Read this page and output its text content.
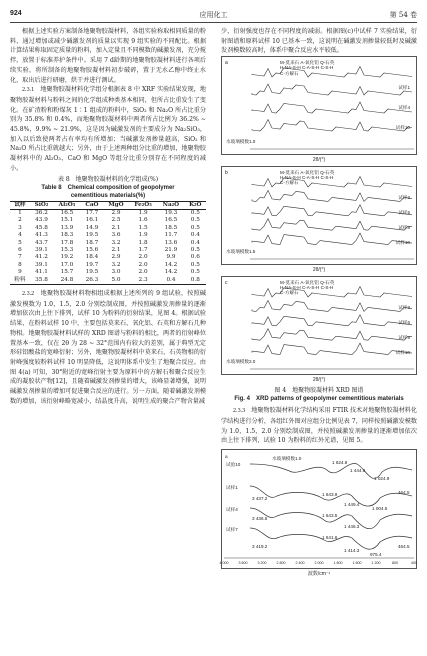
924	应用化工	第 54 卷

根据上述实验方案制备地聚物胶凝材料，各组实验称取相同质量的粉料，通过增加或减少碱激发剂的质量以实现 9 组实验的不同配比。根据计算结果称取固定质量的粉料，加入定量且不同模数的碱激发剂，充分搅拌，放置于标准养护条件中。采用 7 d龄期的地聚物胶凝材料进行各项后续实验，将所制备的地聚物胶凝材料初步破碎，置于无水乙醇中终止水化，取出后进行研磨，烘干并进行测试。

2.3.1　地聚物胶凝材料化学组分根据表 8 中 XRF 实验结果发现，地聚物胶凝材料与粉料之间的化学组成种类基本相同，但所占比重发生了变化。在矿渣粉和粉煤灰 1∶1 组成的粉料中，SiO₂ 和 Na₂O 所占比重分别为 35.8% 和 0.4%，而地聚物胶凝材料中两者所占比例为 36.2% ~ 45.8%，9.9% ~ 21.9%，这是因为碱激发剂的主要成分为 Na₂SiO₃，加入以后致使两者占有率均有所增加；当碱激发剂掺量越高，SiO₂ 和 Na₂O 所占比重就越大；另外，由于上述两种组分比重的增加，地聚物胶凝材料中的 Al₂O₃、CaO 和 MgO 等组分比重分别存在不同程度的减小。

表 8　地聚物胶凝材料的化学组成(%)
Table 8　Chemical composition of geopolymer
cementitious materials(%)
试样	SiO₂	Al₂O₃	CaO	MgO	Fe₂O₃	Na₂O	K₂O
1	36.2	16.5	17.7	2.9	1.9	19.3	0.5
2	43.9	15.1	16.1	2.5	1.6	16.5	0.5
3	45.8	13.9	14.9	2.1	1.5	18.5	0.5
4	41.3	18.3	19.5	3.6	1.9	11.7	0.4
5	43.7	17.8	18.7	3.2	1.8	13.6	0.4
6	39.1	15.3	15.6	2.1	1.7	21.9	0.5
7	41.2	19.2	18.4	2.9	2.0	9.9	0.6
8	39.1	17.0	19.7	3.2	2.0	14.2	0.5
9	41.1	15.7	19.5	3.0	2.0	14.2	0.5
粉料	35.8	24.8	26.3	5.0	2.3	0.4	0.8

2.3.2　地聚物胶凝材料物相组成根据上述所列的 9 组试验，按照碱激发模数为 1.0，1.5，2.0 分别绘制成图，并按照碱激发剂掺量的逐渐增加依次由上往下排列，试样 10 为粉料的衍射结果，见图 4。根据试验结果，在粉料试样 10 中，主要包括莫来石、氧化铝、石英和方解石几种物相。地聚物胶凝材料试样的 XRD 图谱与粉料的相比，两者的衍射峰位置基本一致，仅在 2θ 为 28 ~ 32°范围内有较大的差别，属于典型无定形硅铝酸盐的宽峰衍射；另外，地聚物胶凝材料中莫来石、石英物相的衍射峰强度较粉料试样 10 明显降低，这说明体系中发生了地聚合反应。由图 4(a) 可知，30°附近的宽峰衍射主要为原料中的方解石和聚合反应生成的凝胶状产物[12]，且随着碱激发剂掺量的增大，该峰显著增强，说明碱激发剂掺量的增加可促进聚合反应的进行。另一方面，随着碱激发剂模数的增加，该衍射峰略宽减小，结晶度升高，说明生成的聚合产物含量减

少，衍射强度也存在不同程度的减弱。根据图(c)中试样 7 实验结果，衍射图谱和原料试样 10 已基本一致，这说明在碱激发剂掺量较低时及碱激发剂模数较高时，体系中聚合反应水平较低。

a	M-莫来石 A-氧化铝 Q-石英
H-NA-S-H C-A-S-H C-S-H
C-方解石
试样1
试样4
试样10
水玻璃模数1.0
2θ/(°)
b	M-莫来石 A-氧化铝 Q-石英
H-NA-S-H C-A-S-H C-S-H
C-方解石
试样2
试样5
试样8
试样10
水玻璃模数1.5
2θ/(°)
c	M-莫来石 A-氧化铝 Q-石英
H-NA-S-H C-A-S-H C-S-H
C-方解石
试样3
试样6
试样9
试样10
水玻璃模数2.0
2θ/(°)
图 4　地聚物胶凝材料 XRD 图谱
Fig. 4　XRD patterns of geopolymer cementitious materials

2.3.3　地聚物胶凝材料化学结构采用 FTIR 技术对地聚物胶凝材料化学结构进行分析，各组红外图对应组分比例见表 7，同样按照碱激发模数为 1.0，1.5，2.0 分别绘制成图，并按照碱激发剂掺量的逐渐增加依次由上往下排列，试验 10 为粉料的红外光谱，见图 5。

a	水玻璃模数1.0
试验10
试样1
试样4
试样7
1 624.8
1 444.8
1 024.9
3 437.2
1 643.9
1 449.4
1 004.5
464.5
3 436.5
1 643.5
1 446.3
3 419.2
1 641.6
1 414.3
975.4
464.5
4 000	3 600	3 200	2 800	2 400	2 000	1 800	1 600	1 200	800	400
波数/cm⁻¹
